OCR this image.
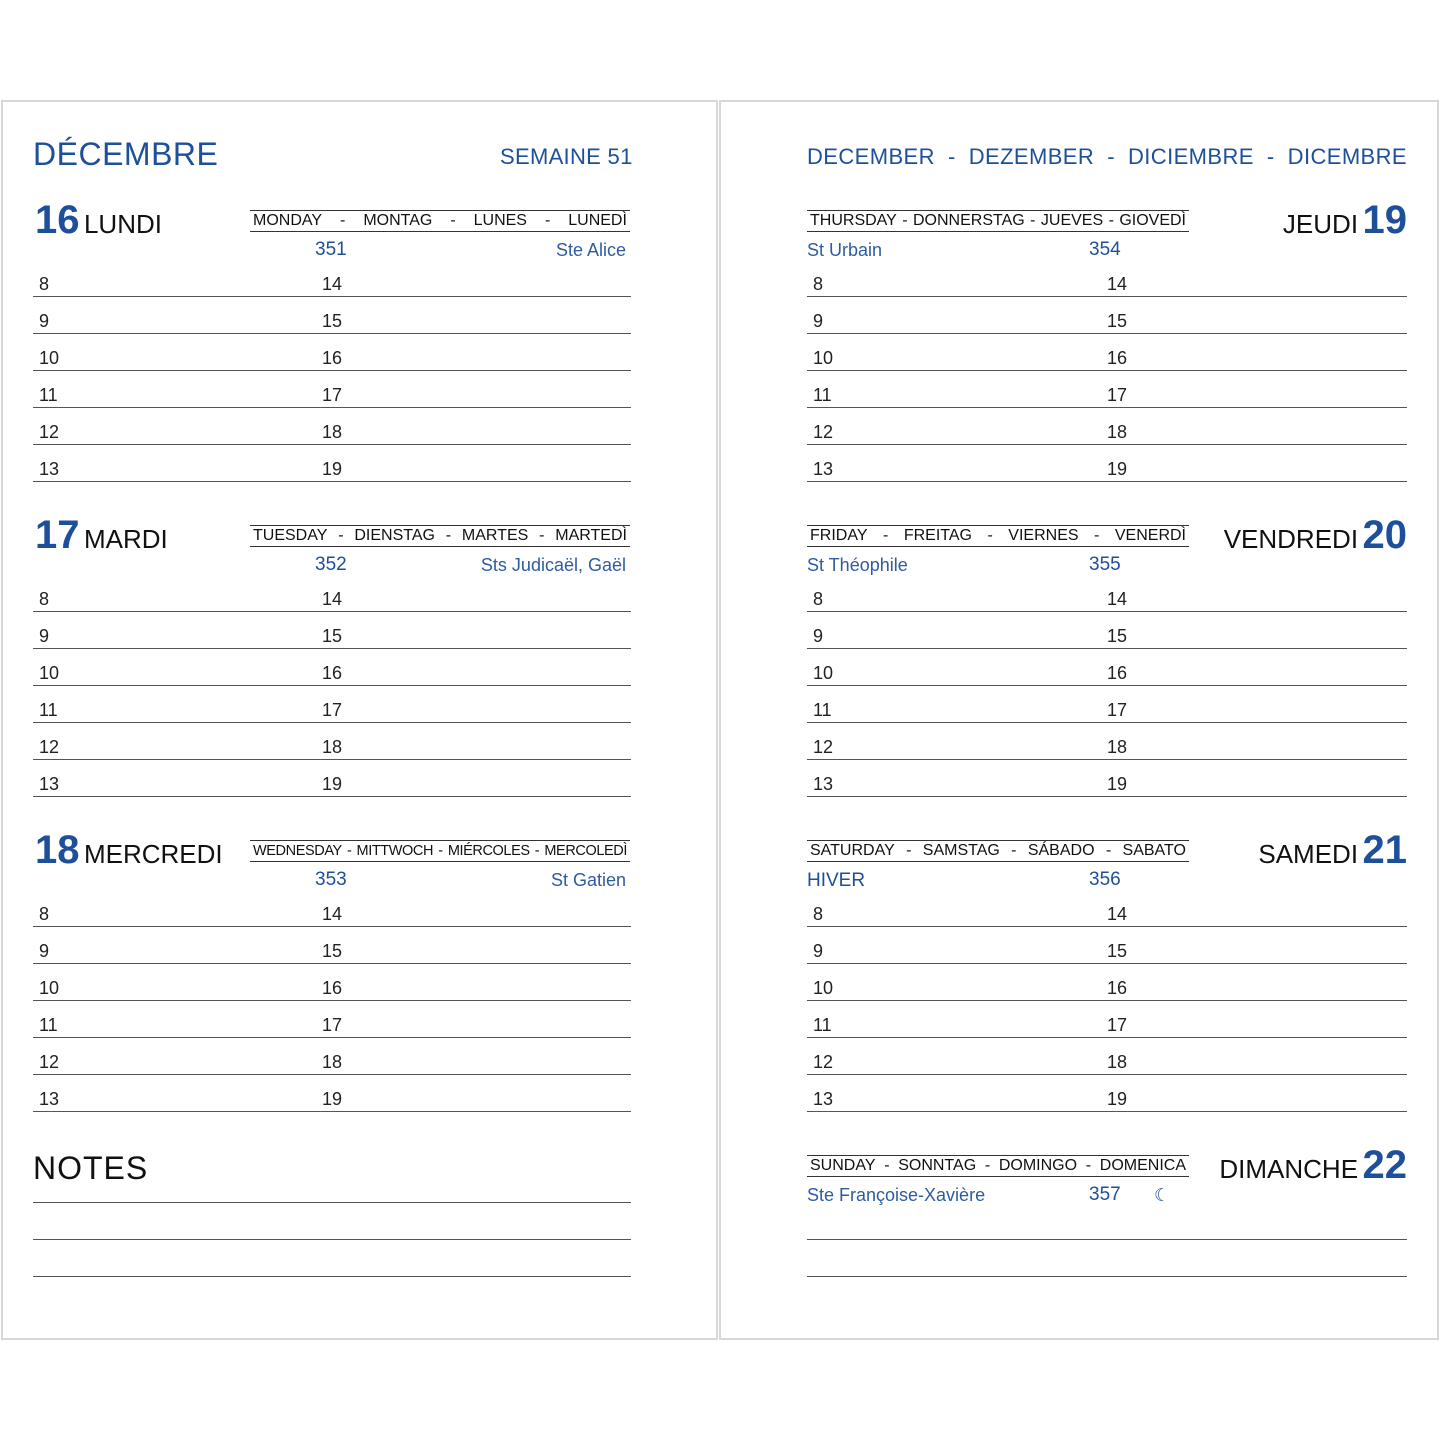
DÉCEMBRE	SEMAINE 51
16 LUNDI	MONDAY - MONTAG - LUNES - LUNEDÌ
351	Ste Alice
8	14
9	15
10	16
11	17
12	18
13	19
17 MARDI	TUESDAY - DIENSTAG - MARTES - MARTEDÌ
352	Sts Judicaël, Gaël
8	14
9	15
10	16
11	17
12	18
13	19
18 MERCREDI WEDNESDAY - MITTWOCH - MIÉRCOLES - MERCOLEDÌ
353	St Gatien
8	14
9	15
10	16
11	17
12	18
13	19
NOTES
DECEMBER - DEZEMBER - DICIEMBRE - DICEMBRE
THURSDAY - DONNERSTAG - JUEVES - GIOVEDÌ	JEUDI 19
St Urbain	354
8	14
9	15
10	16
11	17
12	18
13	19
FRIDAY - FREITAG - VIERNES - VENERDÌ VENDREDI 20
St Théophile	355
8	14
9	15
10	16
11	17
12	18
13	19
SATURDAY - SAMSTAG - SÁBADO - SABATO	SAMEDI 21
HIVER	356
8	14
9	15
10	16
11	17
12	18
13	19
SUNDAY - SONNTAG - DOMINGO - DOMENICA DIMANCHE 22
Ste Françoise-Xavière	357 ☾
